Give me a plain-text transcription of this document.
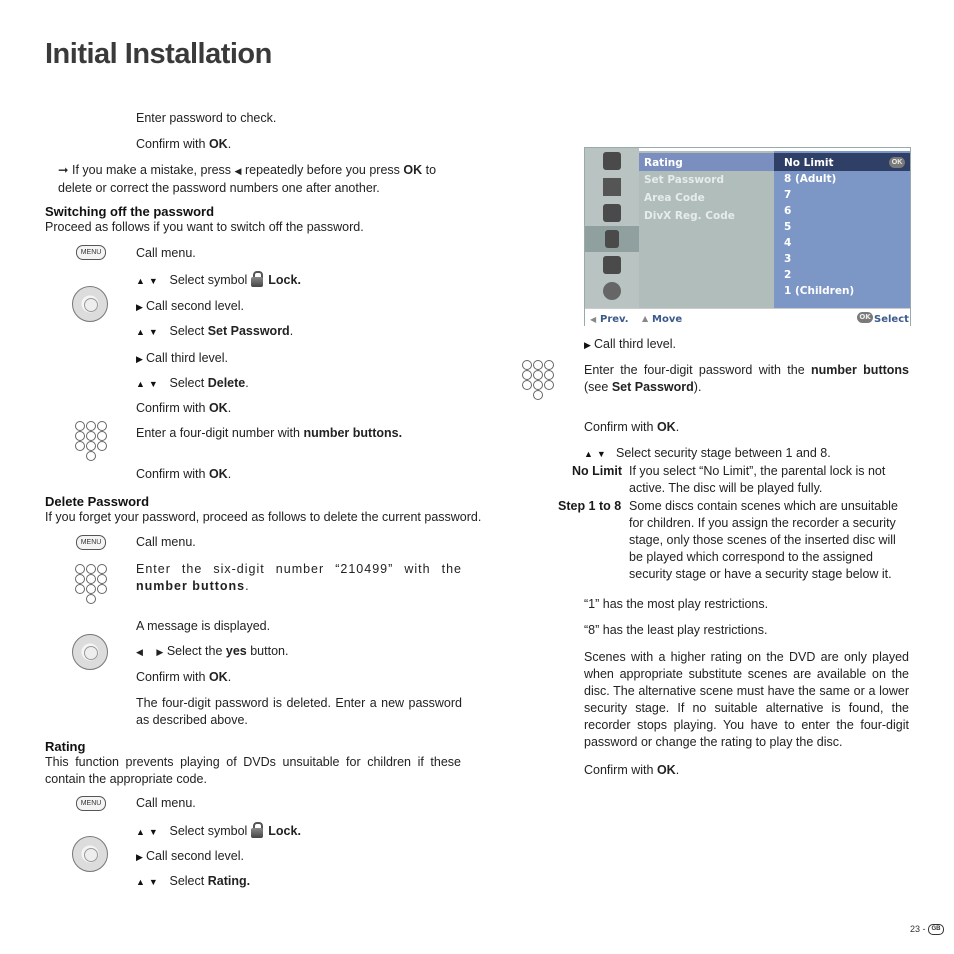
Initial Installation
Enter password to check.
Confirm with OK.
➞ If you make a mistake, press ◀ repeatedly before you press OK to delete or correct the password numbers one after another.
Switching off the password
Proceed as follows if you want to switch off the password.
MENU	Call menu.
▲▼ Select symbol Lock.
▶ Call second level.
▲▼ Select Set Password.
▶ Call third level.
▲▼ Select Delete.
Confirm with OK.
Enter a four-digit number with number buttons.
Confirm with OK.
Delete Password
If you forget your password, proceed as follows to delete the current password.
MENU	Call menu.
Enter the six-digit number “210499” with the number buttons.
A message is displayed.
◀ ▶ Select the yes button.
Confirm with OK.
The four-digit password is deleted. Enter a new password as described above.
Rating
This function prevents playing of DVDs unsuitable for children if these contain the appropriate code.
MENU	Call menu.
▲▼ Select symbol Lock.
▶ Call second level.
▲▼ Select Rating.
Rating
Set Password
Area Code
DivX Reg. Code
No Limit	OK
8 (Adult)
7
6
5
4
3
2
1 (Children)
◀ Prev. ▲ Move	OK Select
▶ Call third level.
Enter the four-digit password with the number buttons (see Set Password).
Confirm with OK.
▲▼ Select security stage between 1 and 8.
No Limit If you select “No Limit”, the parental lock is not active. The disc will be played fully.
Step 1 to 8 Some discs contain scenes which are unsuitable for children. If you assign the recorder a security stage, only those scenes of the inserted disc will be played which correspond to the assigned security stage or have a security stage below it.
“1” has the most play restrictions.
“8” has the least play restrictions.
Scenes with a higher rating on the DVD are only played when appropriate substitute scenes are available on the disc. The alternative scene must have the same or a lower security stage. If no suitable alternative is found, the recorder stops playing. You have to enter the four-digit password or change the rating to play the disc.
Confirm with OK.
23 - GB
